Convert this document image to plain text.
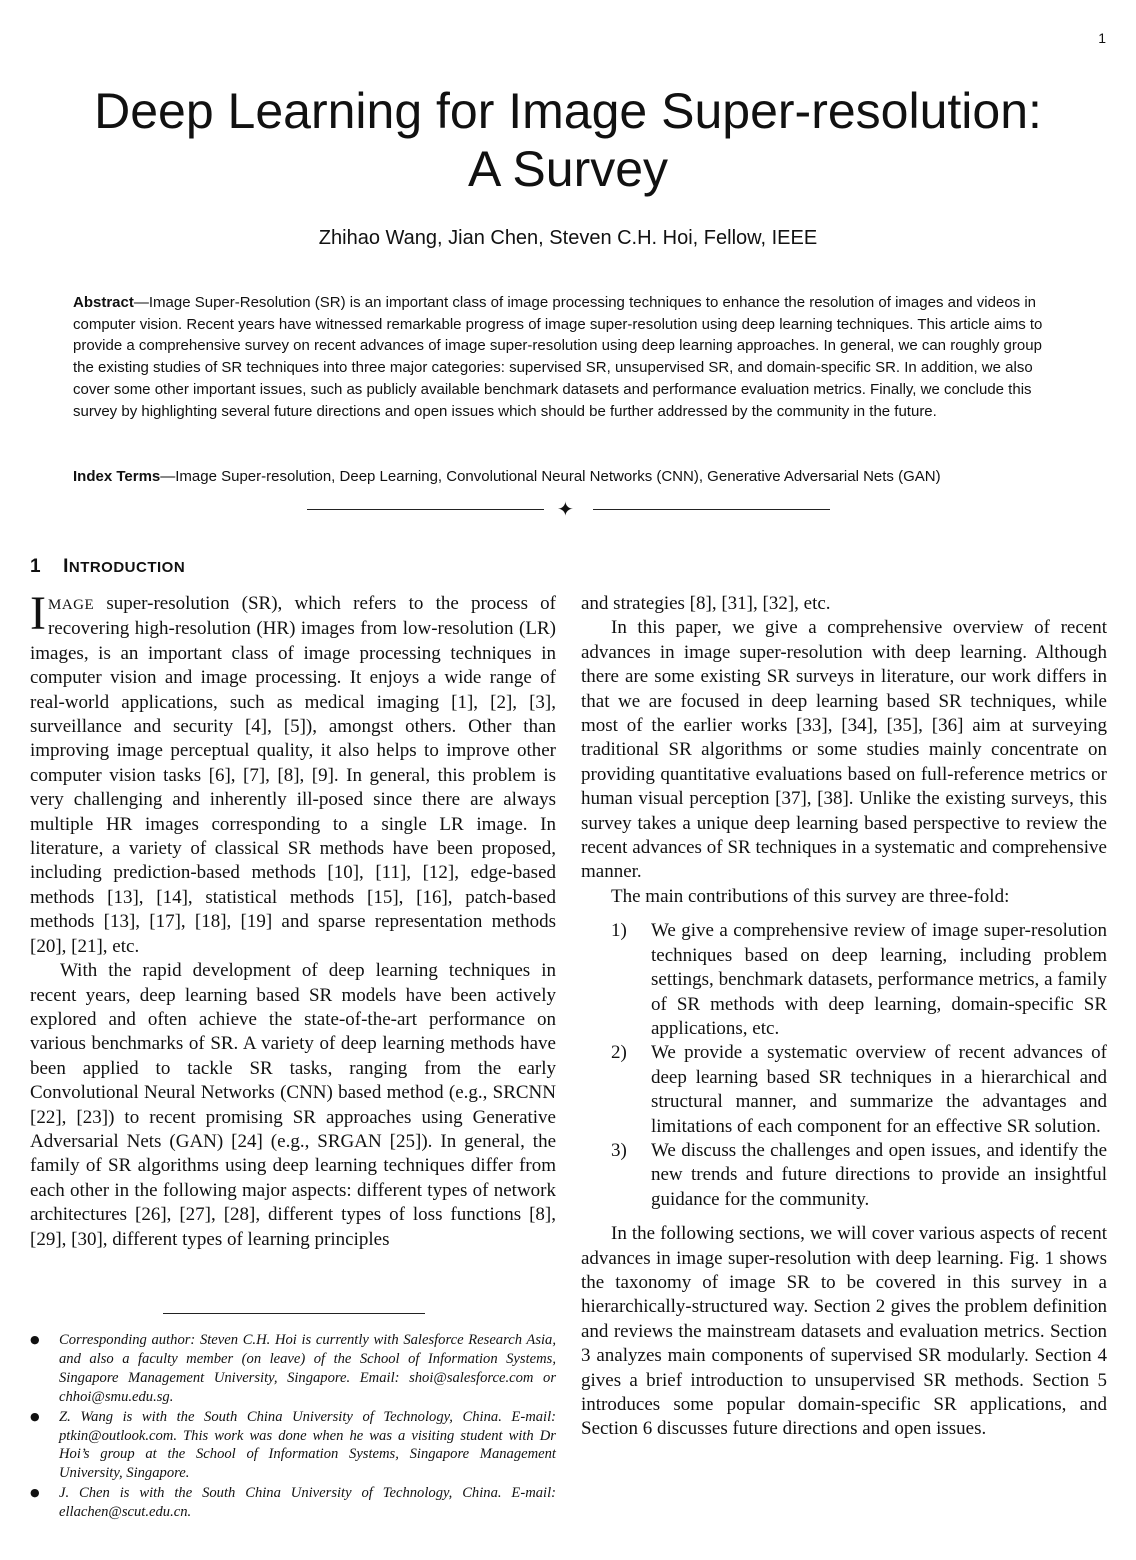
1
Deep Learning for Image Super-resolution:
A Survey
Zhihao Wang, Jian Chen, Steven C.H. Hoi, Fellow, IEEE

Abstract—Image Super-Resolution (SR) is an important class of image processing techniques to enhance the resolution of images and videos in computer vision. Recent years have witnessed remarkable progress of image super-resolution using deep learning techniques. This article aims to provide a comprehensive survey on recent advances of image super-resolution using deep learning approaches. In general, we can roughly group the existing studies of SR techniques into three major categories: supervised SR, unsupervised SR, and domain-specific SR. In addition, we also cover some other important issues, such as publicly available benchmark datasets and performance evaluation metrics. Finally, we conclude this survey by highlighting several future directions and open issues which should be further addressed by the community in the future.

Index Terms—Image Super-resolution, Deep Learning, Convolutional Neural Networks (CNN), Generative Adversarial Nets (GAN)

✦
1 INTRODUCTION

IMAGE super-resolution (SR), which refers to the process of recovering high-resolution (HR) images from low-resolution (LR) images, is an important class of image processing techniques in computer vision and image processing. It enjoys a wide range of real-world applications, such as medical imaging [1], [2], [3], surveillance and security [4], [5]), amongst others. Other than improving image perceptual quality, it also helps to improve other computer vision tasks [6], [7], [8], [9]. In general, this problem is very challenging and inherently ill-posed since there are always multiple HR images corresponding to a single LR image. In literature, a variety of classical SR methods have been proposed, including prediction-based methods [10], [11], [12], edge-based methods [13], [14], statistical methods [15], [16], patch-based methods [13], [17], [18], [19] and sparse representation methods [20], [21], etc.

With the rapid development of deep learning techniques in recent years, deep learning based SR models have been actively explored and often achieve the state-of-the-art performance on various benchmarks of SR. A variety of deep learning methods have been applied to tackle SR tasks, ranging from the early Convolutional Neural Networks (CNN) based method (e.g., SRCNN [22], [23]) to recent promising SR approaches using Generative Adversarial Nets (GAN) [24] (e.g., SRGAN [25]). In general, the family of SR algorithms using deep learning techniques differ from each other in the following major aspects: different types of network architectures [26], [27], [28], different types of loss functions [8], [29], [30], different types of learning principles

and strategies [8], [31], [32], etc.

In this paper, we give a comprehensive overview of recent advances in image super-resolution with deep learning. Although there are some existing SR surveys in literature, our work differs in that we are focused in deep learning based SR techniques, while most of the earlier works [33], [34], [35], [36] aim at surveying traditional SR algorithms or some studies mainly concentrate on providing quantitative evaluations based on full-reference metrics or human visual perception [37], [38]. Unlike the existing surveys, this survey takes a unique deep learning based perspective to review the recent advances of SR techniques in a systematic and comprehensive manner.

The main contributions of this survey are three-fold:

1) We give a comprehensive review of image super-resolution techniques based on deep learning, including problem settings, benchmark datasets, performance metrics, a family of SR methods with deep learning, domain-specific SR applications, etc.
2) We provide a systematic overview of recent advances of deep learning based SR techniques in a hierarchical and structural manner, and summarize the advantages and limitations of each component for an effective SR solution.
3) We discuss the challenges and open issues, and identify the new trends and future directions to provide an insightful guidance for the community.

In the following sections, we will cover various aspects of recent advances in image super-resolution with deep learning. Fig. 1 shows the taxonomy of image SR to be covered in this survey in a hierarchically-structured way. Section 2 gives the problem definition and reviews the mainstream datasets and evaluation metrics. Section 3 analyzes main components of supervised SR modularly. Section 4 gives a brief introduction to unsupervised SR methods. Section 5 introduces some popular domain-specific SR applications, and Section 6 discusses future directions and open issues.

● Corresponding author: Steven C.H. Hoi is currently with Salesforce Research Asia, and also a faculty member (on leave) of the School of Information Systems, Singapore Management University, Singapore. Email: shoi@salesforce.com or chhoi@smu.edu.sg.
● Z. Wang is with the South China University of Technology, China. E-mail: ptkin@outlook.com. This work was done when he was a visiting student with Dr Hoi’s group at the School of Information Systems, Singapore Management University, Singapore.
● J. Chen is with the South China University of Technology, China. E-mail: ellachen@scut.edu.cn.
